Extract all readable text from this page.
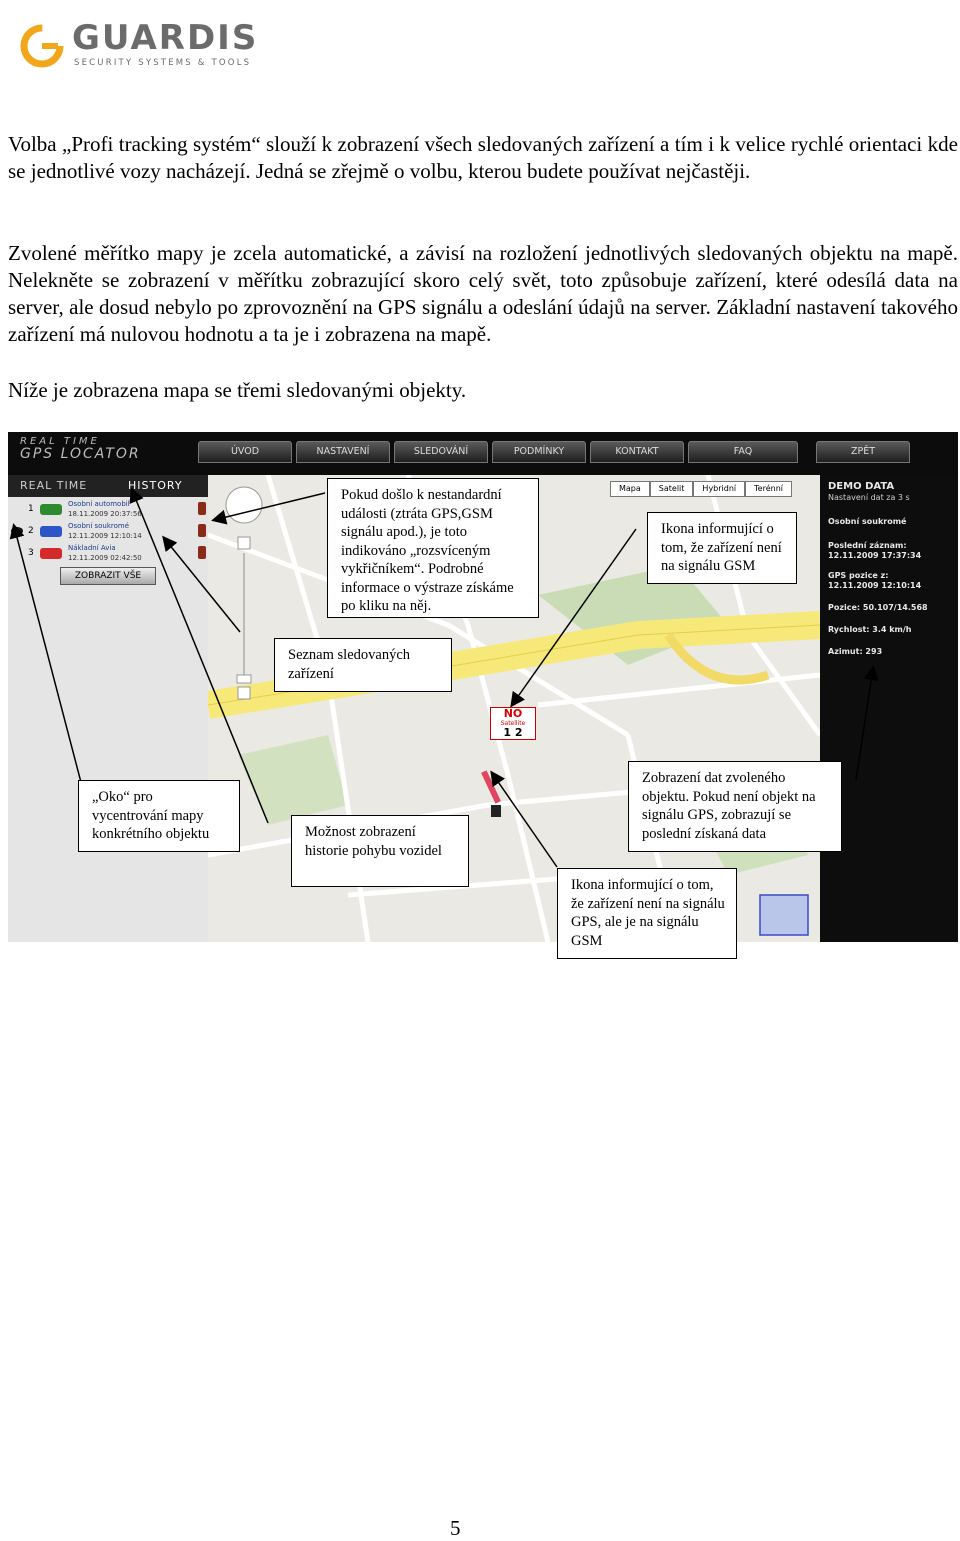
GUARDIS
SECURITY SYSTEMS & TOOLS

Volba „Profi tracking systém“ slouží k zobrazení všech sledovaných zařízení a tím i k velice rychlé orientaci kde se jednotlivé vozy nacházejí. Jedná se zřejmě o volbu, kterou budete používat nejčastěji.

Zvolené měřítko mapy je zcela automatické, a závisí na rozložení jednotlivých sledovaných objektu na mapě. Nelekněte se zobrazení v měřítku zobrazující skoro celý svět, toto způsobuje zařízení, které odesílá data na server, ale dosud nebylo po zprovoznění na GPS signálu a odeslání údajů na server. Základní nastavení takového zařízení má nulovou hodnotu a ta je i zobrazena na mapě.

Níže je zobrazena mapa se třemi sledovanými objekty.

REAL TIME
GPS LOCATOR	ÚVOD	NASTAVENÍ	SLEDOVÁNÍ	PODMÍNKY	KONTAKT	FAQ	ZPĚT
REAL TIME	HISTORY
1	Osobní automobil
18.11.2009 20:37:56
2	Osobní soukromé
12.11.2009 12:10:14
3	Nákladní Avia
12.11.2009 02:42:50
ZOBRAZIT VŠE
NO
Satellite
1 2
Mapa	Satelit	Hybridní	Terénní	DEMO DATA
Nastavení dat za 3 s
Osobní soukromé
Poslední záznam:
12.11.2009 17:37:34
GPS pozice z:
12.11.2009 12:10:14
Pozice: 50.107/14.568
Rychlost: 3.4 km/h
Azimut: 293
Pokud došlo k nestandardní události (ztráta GPS,GSM signálu apod.), je toto indikováno „rozsvíceným vykřičníkem“. Podrobné informace o výstraze získáme po kliku na něj.
Ikona informující o tom, že zařízení není na signálu GSM
Seznam sledovaných zařízení
„Oko“ pro vycentrování mapy konkrétního objektu	Možnost zobrazení historie pohybu vozidel
Zobrazení dat zvoleného objektu. Pokud není objekt na signálu GPS, zobrazují se poslední získaná data
Ikona informující o tom, že zařízení není na signálu GPS, ale je na signálu GSM
5
